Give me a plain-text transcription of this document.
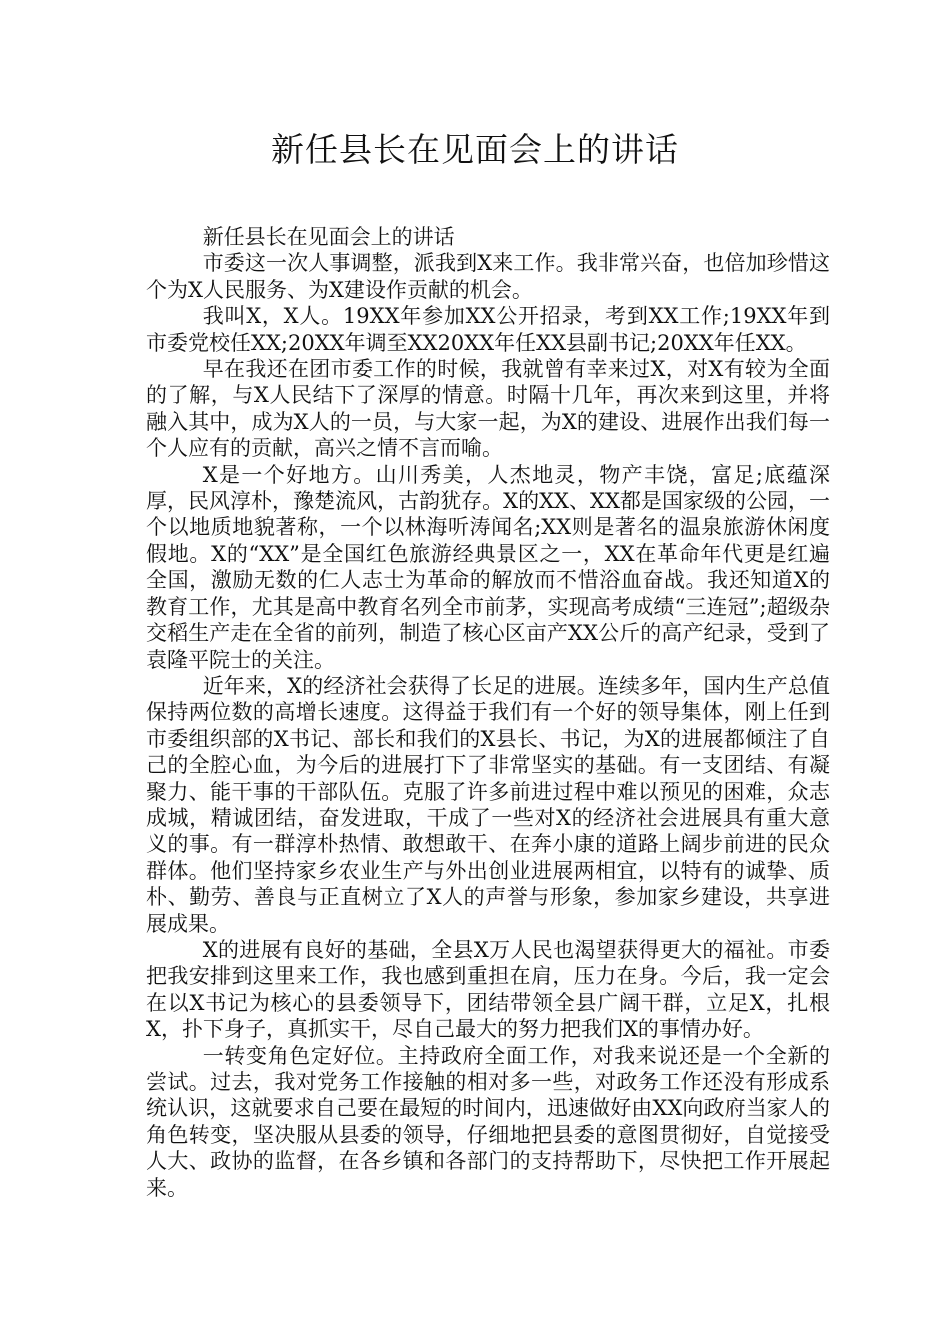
新任县长在见面会上的讲话

新任县长在见面会上的讲话

市委这一次人事调整，派我到X来工作。我非常兴奋，也倍加珍惜这个为X人民服务、为X建设作贡献的机会。

我叫X，X人。19XX年参加XX公开招录，考到XX工作;19XX年到市委党校任XX;20XX年调至XX20XX年任XX县副书记;20XX年任XX。

早在我还在团市委工作的时候，我就曾有幸来过X，对X有较为全面的了解，与X人民结下了深厚的情意。时隔十几年，再次来到这里，并将融入其中，成为X人的一员，与大家一起，为X的建设、进展作出我们每一个人应有的贡献，高兴之情不言而喻。

X是一个好地方。山川秀美，人杰地灵，物产丰饶，富足;底蕴深厚，民风淳朴，豫楚流风，古韵犹存。X的XX、XX都是国家级的公园，一个以地质地貌著称，一个以林海听涛闻名;XX则是著名的温泉旅游休闲度假地。X的“XX”是全国红色旅游经典景区之一，XX在革命年代更是红遍全国，激励无数的仁人志士为革命的解放而不惜浴血奋战。我还知道X的教育工作，尤其是高中教育名列全市前茅，实现高考成绩“三连冠”;超级杂交稻生产走在全省的前列，制造了核心区亩产XX公斤的高产纪录，受到了袁隆平院士的关注。

近年来，X的经济社会获得了长足的进展。连续多年，国内生产总值保持两位数的高增长速度。这得益于我们有一个好的领导集体，刚上任到市委组织部的X书记、部长和我们的X县长、书记，为X的进展都倾注了自己的全腔心血，为今后的进展打下了非常坚实的基础。有一支团结、有凝聚力、能干事的干部队伍。克服了许多前进过程中难以预见的困难，众志成城，精诚团结，奋发进取，干成了一些对X的经济社会进展具有重大意义的事。有一群淳朴热情、敢想敢干、在奔小康的道路上阔步前进的民众群体。他们坚持家乡农业生产与外出创业进展两相宜，以特有的诚挚、质朴、勤劳、善良与正直树立了X人的声誉与形象，参加家乡建设，共享进展成果。

X的进展有良好的基础，全县X万人民也渴望获得更大的福祉。市委把我安排到这里来工作，我也感到重担在肩，压力在身。今后，我一定会在以X书记为核心的县委领导下，团结带领全县广阔干群，立足X，扎根X，扑下身子，真抓实干，尽自己最大的努力把我们X的事情办好。

一转变角色定好位。主持政府全面工作，对我来说还是一个全新的尝试。过去，我对党务工作接触的相对多一些，对政务工作还没有形成系统认识，这就要求自己要在最短的时间内，迅速做好由XX向政府当家人的角色转变，坚决服从县委的领导，仔细地把县委的意图贯彻好，自觉接受人大、政协的监督，在各乡镇和各部门的支持帮助下，尽快把工作开展起来。
